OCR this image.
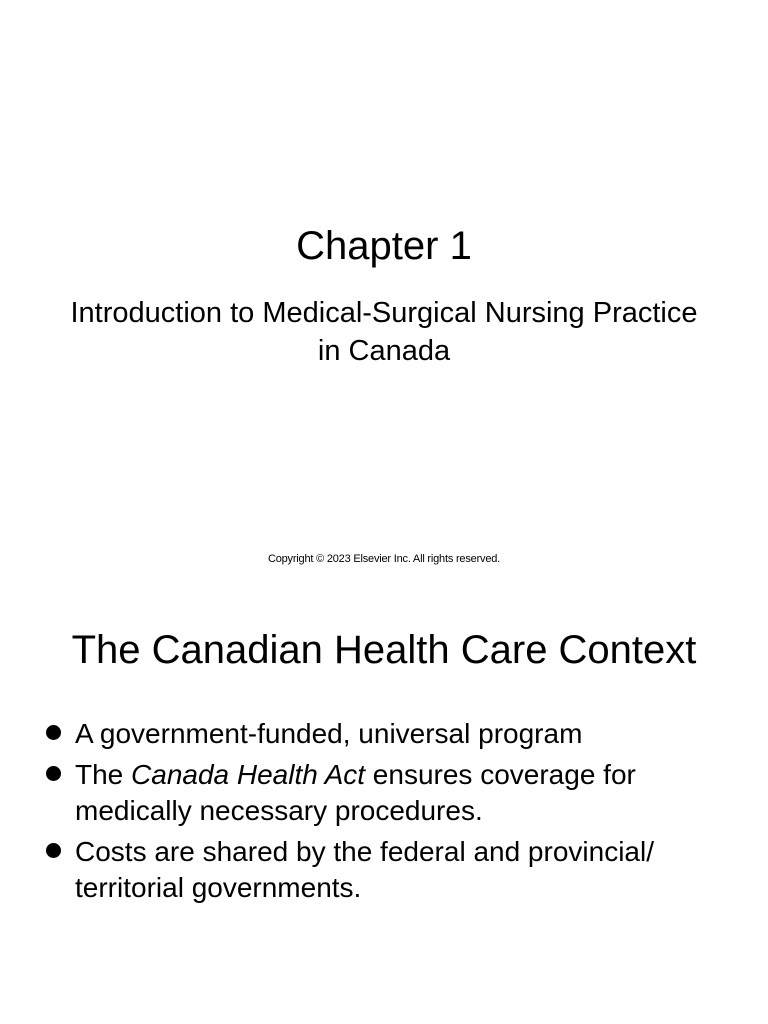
Chapter 1
Introduction to Medical-Surgical Nursing Practice in Canada
Copyright © 2023 Elsevier Inc. All rights reserved.
The Canadian Health Care Context
A government-funded, universal program
The Canada Health Act ensures coverage for medically necessary procedures.
Costs are shared by the federal and provincial/ territorial governments.
